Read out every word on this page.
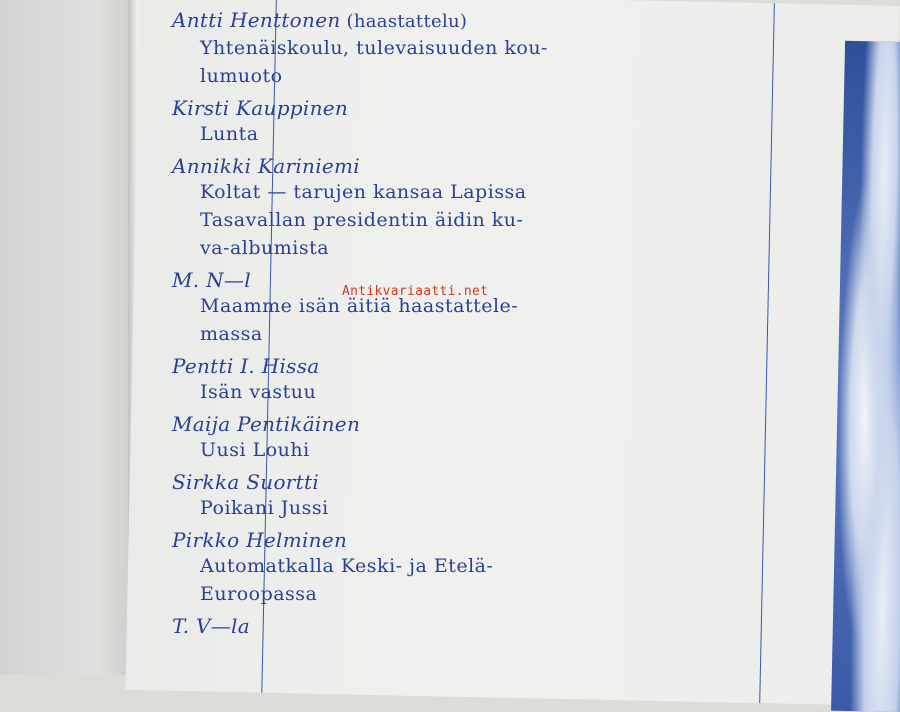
Antti Henttonen (haastattelu)
Yhtenäiskoulu, tulevaisuuden kou-
lumuoto
Kirsti Kauppinen
Lunta
Annikki Kariniemi
Koltat — tarujen kansaa Lapissa
Tasavallan presidentin äidin ku-
va-albumista
M. N—l
Maamme isän äitiä haastattele-
massa
Pentti I. Hissa
Isän vastuu
Maija Pentikäinen
Uusi Louhi
Sirkka Suortti
Poikani Jussi
Pirkko Helminen
Automatkalla Keski- ja Etelä-
Euroopassa
T. V—la
Antikvariaatti.net
